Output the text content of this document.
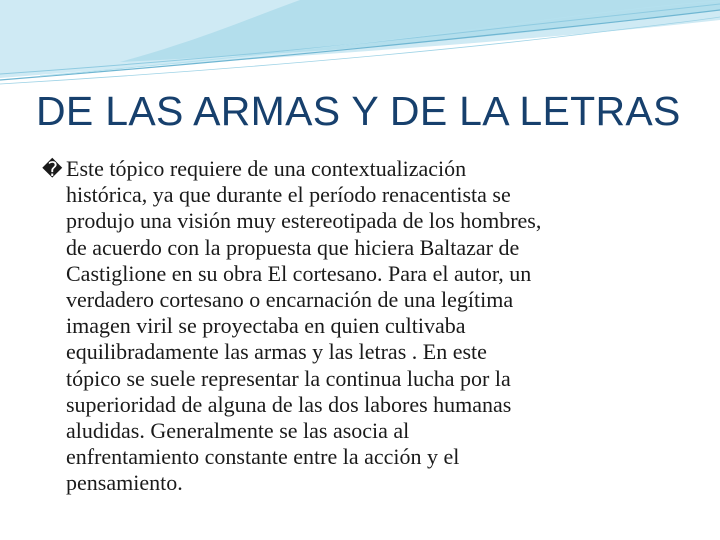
DE LAS ARMAS Y DE LA LETRAS
� Este tópico requiere de una contextualización
histórica, ya que durante el período renacentista se
produjo una visión muy estereotipada de los hombres,
de acuerdo con la propuesta que hiciera Baltazar de
Castiglione en su obra El cortesano. Para el autor, un
verdadero cortesano o encarnación de una legítima
imagen viril se proyectaba en quien cultivaba
equilibradamente las armas y las letras . En este
tópico se suele representar la continua lucha por la
superioridad de alguna de las dos labores humanas
aludidas. Generalmente se las asocia al
enfrentamiento constante entre la acción y el
pensamiento.
